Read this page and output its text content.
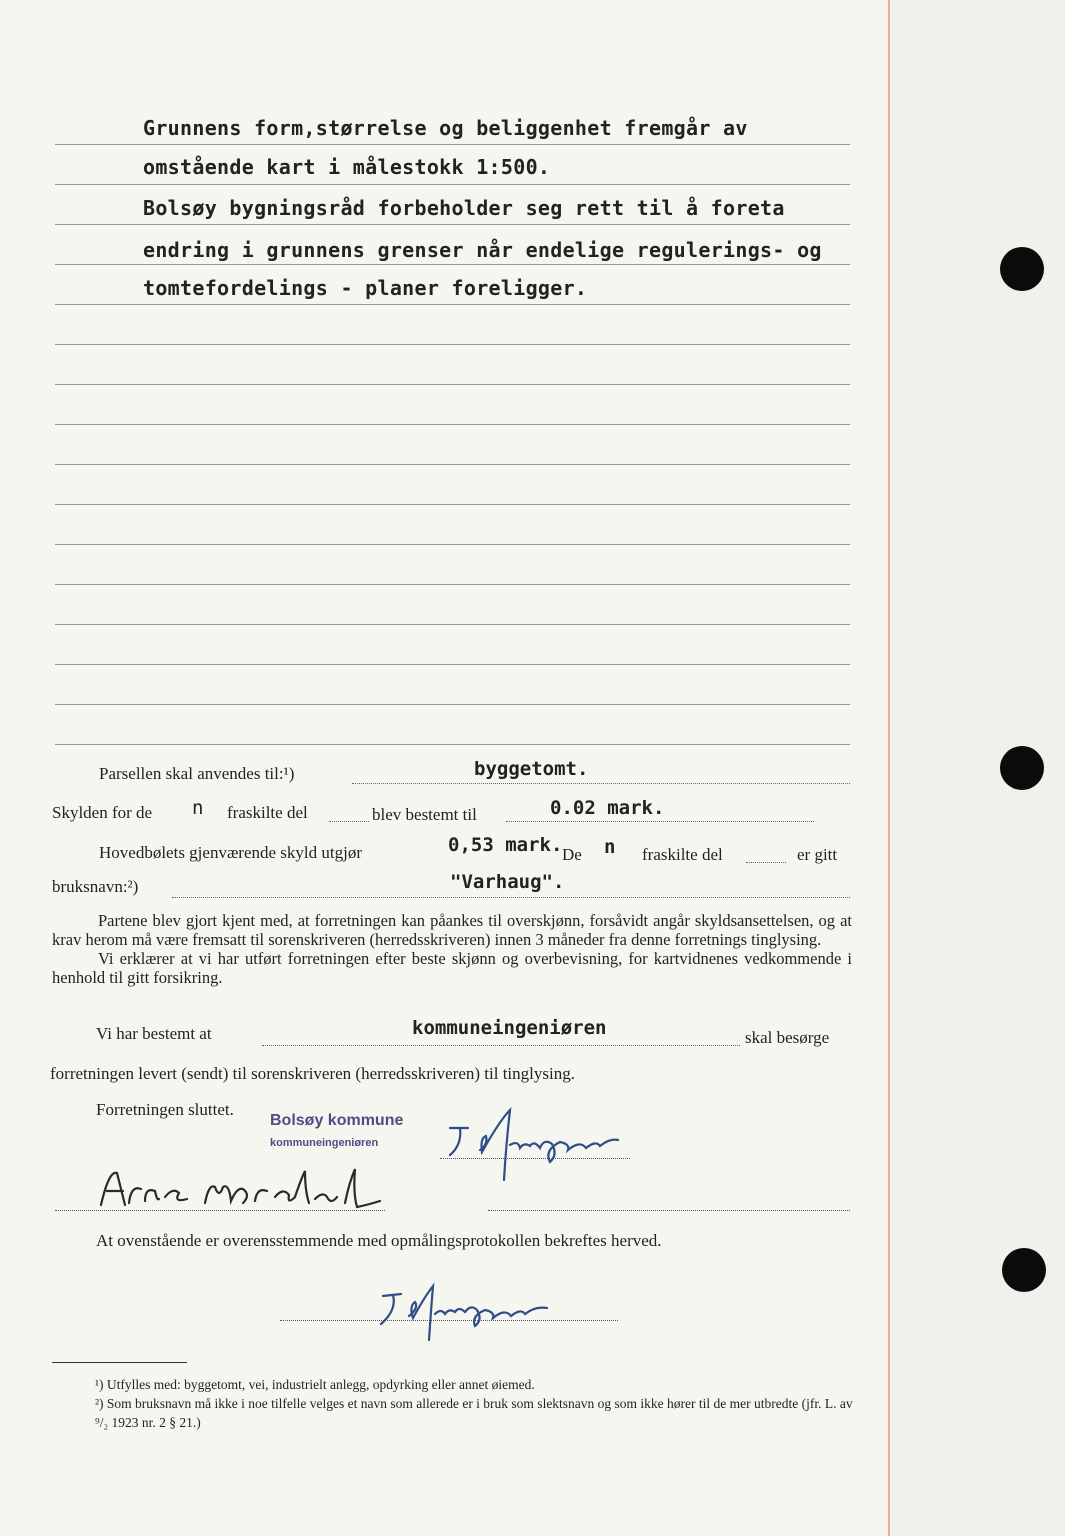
Grunnens form,størrelse og beliggenhet fremgår av
omstående kart i målestokk 1:500.
Bolsøy bygningsråd forbeholder seg rett til å foreta
endring i grunnens grenser når endelige regulerings- og
tomtefordelings - planer foreligger.
Parsellen skal anvendes til:¹)	byggetomt.
Skylden for de n fraskilte del	blev bestemt til	0.02 mark.
Hovedbølets gjenværende skyld utgjør	0,53 mark. De n fraskilte del	er gitt
bruksnavn:²)	"Varhaug".

Partene blev gjort kjent med, at forretningen kan påankes til overskjønn, forsåvidt angår skyldsansettelsen, og at krav herom må være fremsatt til sorenskriveren (herredsskriveren) innen 3 måneder fra denne forretnings tinglysing.

Vi erklærer at vi har utført forretningen efter beste skjønn og overbevisning, for kartvidnenes vedkommende i henhold til gitt forsikring.

Vi har bestemt at	kommuneingeniøren	skal besørge
forretningen levert (sendt) til sorenskriveren (herredsskriveren) til tinglysing.
Forretningen sluttet.
Bolsøy kommune
kommuneingeniøren
At ovenstående er overensstemmende med opmålingsprotokollen bekreftes herved.

¹) Utfylles med: byggetomt, vei, industrielt anlegg, opdyrking eller annet øiemed.

²) Som bruksnavn må ikke i noe tilfelle velges et navn som allerede er i bruk som slektsnavn og som ikke hører til de mer utbredte (jfr. L. av ⁹/₂ 1923 nr. 2 § 21.)
